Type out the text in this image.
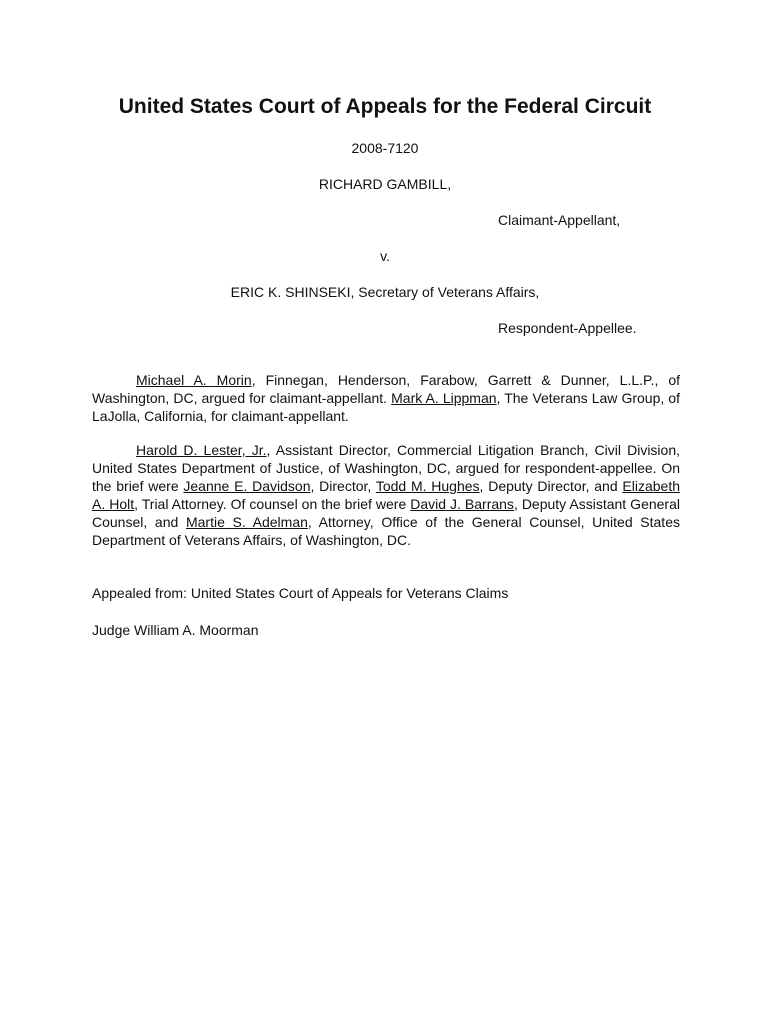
United States Court of Appeals for the Federal Circuit
2008-7120
RICHARD GAMBILL,
Claimant-Appellant,
v.
ERIC K. SHINSEKI, Secretary of Veterans Affairs,
Respondent-Appellee.

Michael A. Morin, Finnegan, Henderson, Farabow, Garrett & Dunner, L.L.P., of Washington, DC, argued for claimant-appellant. Mark A. Lippman, The Veterans Law Group, of LaJolla, California, for claimant-appellant.

Harold D. Lester, Jr., Assistant Director, Commercial Litigation Branch, Civil Division, United States Department of Justice, of Washington, DC, argued for respondent-appellee. On the brief were Jeanne E. Davidson, Director, Todd M. Hughes, Deputy Director, and Elizabeth A. Holt, Trial Attorney. Of counsel on the brief were David J. Barrans, Deputy Assistant General Counsel, and Martie S. Adelman, Attorney, Office of the General Counsel, United States Department of Veterans Affairs, of Washington, DC.

Appealed from: United States Court of Appeals for Veterans Claims
Judge William A. Moorman
